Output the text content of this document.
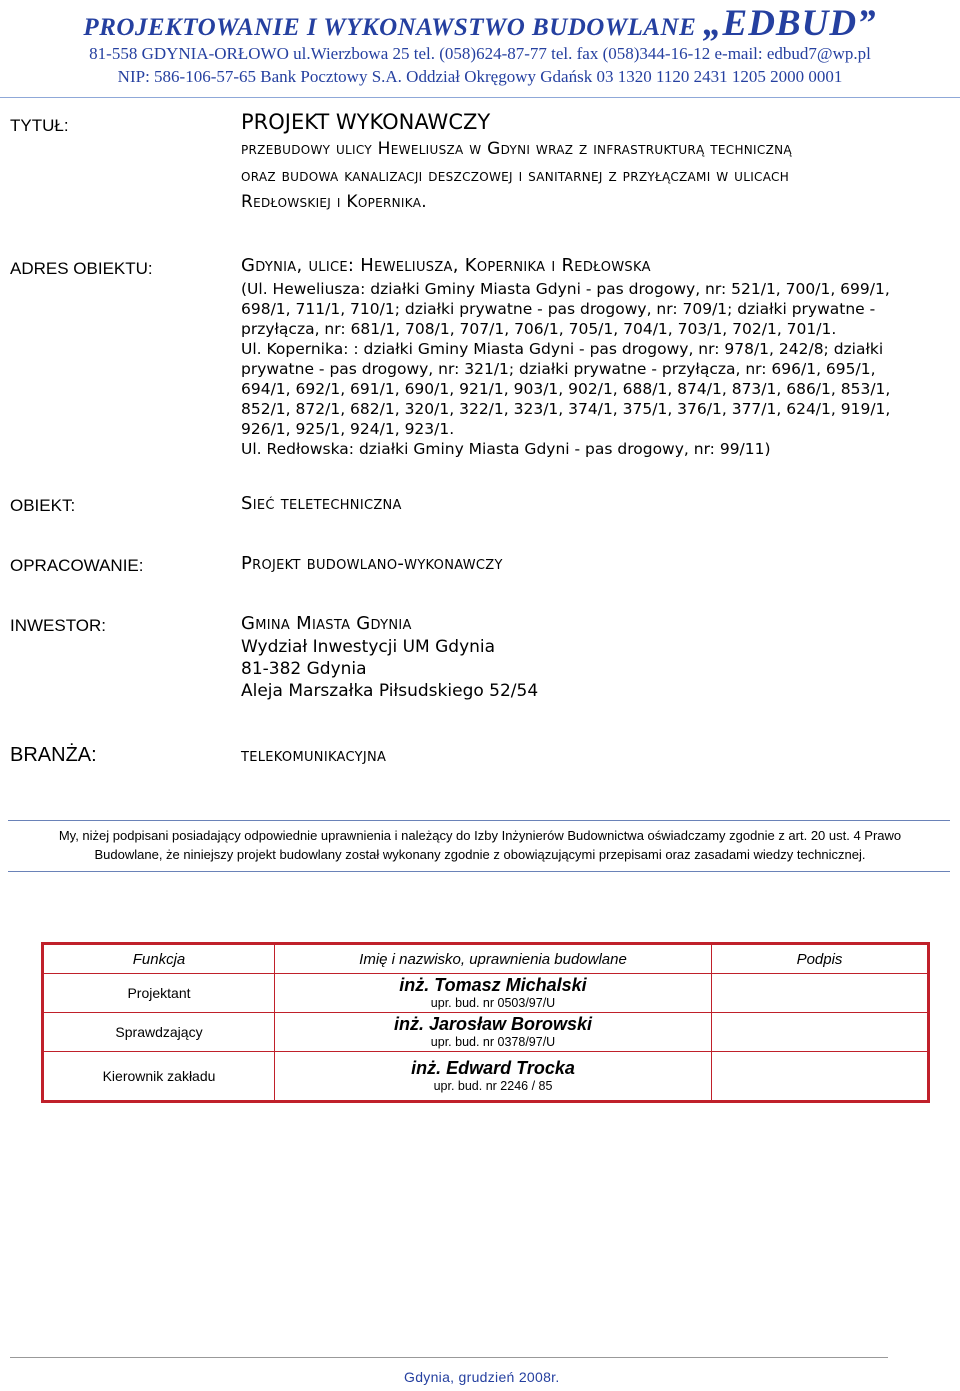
PROJEKTOWANIE I WYKONAWSTWO BUDOWLANE „EDBUD”
81-558 GDYNIA-ORŁOWO ul.Wierzbowa 25 tel. (058)624-87-77 tel. fax (058)344-16-12 e-mail: edbud7@wp.pl
NIP: 586-106-57-65 Bank Pocztowy S.A. Oddział Okręgowy Gdańsk 03 1320 1120 2431 1205 2000 0001
TYTUŁ:	PROJEKT WYKONAWCZY
przebudowy ulicy Heweliusza w Gdyni wraz z infrastrukturą techniczną
oraz budowa kanalizacji deszczowej i sanitarnej z przyłączami w ulicach
Redłowskiej i Kopernika.
ADRES OBIEKTU:	Gdynia, ulice: Heweliusza, Kopernika i Redłowska
(Ul. Heweliusza: działki Gminy Miasta Gdyni - pas drogowy, nr: 521/1, 700/1, 699/1,
698/1, 711/1, 710/1; działki prywatne - pas drogowy, nr: 709/1; działki prywatne -
przyłącza, nr: 681/1, 708/1, 707/1, 706/1, 705/1, 704/1, 703/1, 702/1, 701/1.
Ul. Kopernika: : działki Gminy Miasta Gdyni - pas drogowy, nr: 978/1, 242/8; działki
prywatne - pas drogowy, nr: 321/1; działki prywatne - przyłącza, nr: 696/1, 695/1,
694/1, 692/1, 691/1, 690/1, 921/1, 903/1, 902/1, 688/1, 874/1, 873/1, 686/1, 853/1,
852/1, 872/1, 682/1, 320/1, 322/1, 323/1, 374/1, 375/1, 376/1, 377/1, 624/1, 919/1,
926/1, 925/1, 924/1, 923/1.
Ul. Redłowska: działki Gminy Miasta Gdyni - pas drogowy, nr: 99/11)
OBIEKT:	Sieć teletechniczna
OPRACOWANIE:	Projekt budowlano-wykonawczy
INWESTOR:	Gmina Miasta Gdynia
Wydział Inwestycji UM Gdynia
81-382 Gdynia
Aleja Marszałka Piłsudskiego 52/54
BRANŻA:	telekomunikacyjna
My, niżej podpisani posiadający odpowiednie uprawnienia i należący do Izby Inżynierów Budownictwa oświadczamy zgodnie z art. 20 ust. 4 Prawo
Budowlane, że niniejszy projekt budowlany został wykonany zgodnie z obowiązującymi przepisami oraz zasadami wiedzy technicznej.
Funkcja	Imię i nazwisko, uprawnienia budowlane	Podpis
Projektant	inż. Tomasz Michalski
upr. bud. nr 0503/97/U	

Sprawdzający	inż. Jarosław Borowski
upr. bud. nr 0378/97/U	

Kierownik zakładu	inż. Edward Trocka
upr. bud. nr 2246 / 85	

Gdynia, grudzień 2008r.
